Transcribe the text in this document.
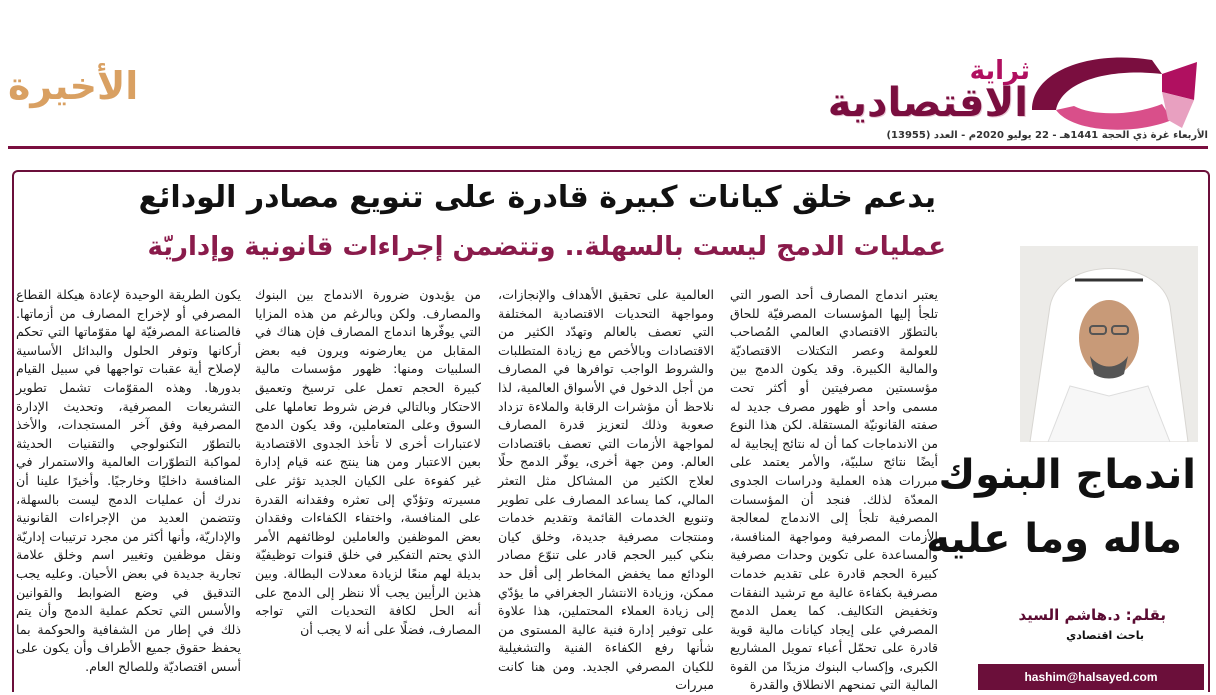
ثراية
الاقتصادية
الأخيرة
الأربعاء غرة ذي الحجة 1441هـ - 22 يوليو 2020م - العدد (13955)
يدعم خلق كيانات كبيرة قادرة على تنويع مصادر الودائع
عمليات الدمج ليست بالسهلة.. وتتضمن إجراءات قانونية وإداريّة

يعتبر اندماج المصارف أحد الصور التي تلجأ إليها المؤسسات المصرفيّة للحاق بالتطوّر الاقتصادي العالمي المُصاحب للعولمة وعصر التكتلات الاقتصاديّة والمالية الكبيرة. وقد يكون الدمج بين مؤسستين مصرفيتين أو أكثر تحت مسمى واحد أو ظهور مصرف جديد له صفته القانونيّة المستقلة. لكن هذا النوع من الاندماجات كما أن له نتائج إيجابية له أيضًا نتائج سلبيّة، والأمر يعتمد على مبررات هذه العملية ودراسات الجدوى المعدّة لذلك. فنجد أن المؤسسات المصرفية تلجأ إلى الاندماج لمعالجة الأزمات المصرفية ومواجهة المنافسة، والمساعدة على تكوين وحدات مصرفية كبيرة الحجم قادرة على تقديم خدمات مصرفية بكفاءة عالية مع ترشيد النفقات وتخفيض التكاليف. كما يعمل الدمج المصرفي على إيجاد كيانات مالية قوية قادرة على تحمّل أعباء تمويل المشاريع الكبرى، وإكساب البنوك مزيدًا من القوة المالية التي تمنحهم الانطلاق والقدرة

العالمية على تحقيق الأهداف والإنجازات، ومواجهة التحديات الاقتصادية المختلفة التي تعصف بالعالم وتهدّد الكثير من الاقتصادات وبالأخص مع زيادة المتطلبات والشروط الواجب توافرها في المصارف من أجل الدخول في الأسواق العالمية، لذا نلاحظ أن مؤشرات الرقابة والملاءة تزداد صعوبة وذلك لتعزيز قدرة المصارف لمواجهة الأزمات التي تعصف باقتصادات العالم. ومن جهة أخرى، يوفّر الدمج حلًا لعلاج الكثير من المشاكل مثل التعثر المالي، كما يساعد المصارف على تطوير وتنويع الخدمات القائمة وتقديم خدمات ومنتجات مصرفية جديدة، وخلق كيان بنكي كبير الحجم قادر على تنوّع مصادر الودائع مما يخفض المخاطر إلى أقل حد ممكن، وزيادة الانتشار الجغرافي ما يؤدّي إلى زيادة العملاء المحتملين، هذا علاوة على توفير إدارة فنية عالية المستوى من شأنها رفع الكفاءة الفنية والتشغيلية للكيان المصرفي الجديد. ومن هنا كانت مبررات

من يؤيدون ضرورة الاندماج بين البنوك والمصارف. ولكن وبالرغم من هذه المزايا التي يوفّرها اندماج المصارف فإن هناك في المقابل من يعارضونه ويرون فيه بعض السلبيات ومنها: ظهور مؤسسات مالية كبيرة الحجم تعمل على ترسيخ وتعميق الاحتكار وبالتالي فرض شروط تعاملها على السوق وعلى المتعاملين، وقد يكون الدمج لاعتبارات أخرى لا تأخذ الجدوى الاقتصادية بعين الاعتبار ومن هنا ينتج عنه قيام إدارة غير كفوءة على الكيان الجديد تؤثر على مسيرته وتؤدّي إلى تعثره وفقدانه القدرة على المنافسة، واختفاء الكفاءات وفقدان بعض الموظفين والعاملين لوظائفهم الأمر الذي يحتم التفكير في خلق قنوات توظيفيّة بديلة لهم منعًا لزيادة معدلات البطالة. وبين هذين الرأيين يجب ألا ننظر إلى الدمج على أنه الحل لكافة التحديات التي تواجه المصارف، فضلًا على أنه لا يجب أن

يكون الطريقة الوحيدة لإعادة هيكلة القطاع المصرفي أو لإخراج المصارف من أزماتها. فالصناعة المصرفيّة لها مقوّماتها التي تحكم أركانها وتوفر الحلول والبدائل الأساسية لإصلاح أية عقبات تواجهها في سبيل القيام بدورها. وهذه المقوّمات تشمل تطوير التشريعات المصرفية، وتحديث الإدارة المصرفية وفق آخر المستجدات، والأخذ بالتطوّر التكنولوجي والتقنيات الحديثة لمواكبة التطوّرات العالمية والاستمرار في المنافسة داخليًا وخارجيًا. وأخيرًا علينا أن ندرك أن عمليات الدمج ليست بالسهلة، وتتضمن العديد من الإجراءات القانونية والإداريّة، وأنها أكثر من مجرد ترتيبات إداريّة ونقل موظفين وتغيير اسم وخلق علامة تجارية جديدة في بعض الأحيان. وعليه يجب التدقيق في وضع الضوابط والقوانين والأسس التي تحكم عملية الدمج وأن يتم ذلك في إطار من الشفافية والحوكمة بما يحفظ حقوق جميع الأطراف وأن يكون على أسس اقتصاديّة وللصالح العام.

اندماج البنوك
ماله وما عليه
بقلم: د.هاشم السيد
باحث اقتصادي
hashim@halsayed.com
